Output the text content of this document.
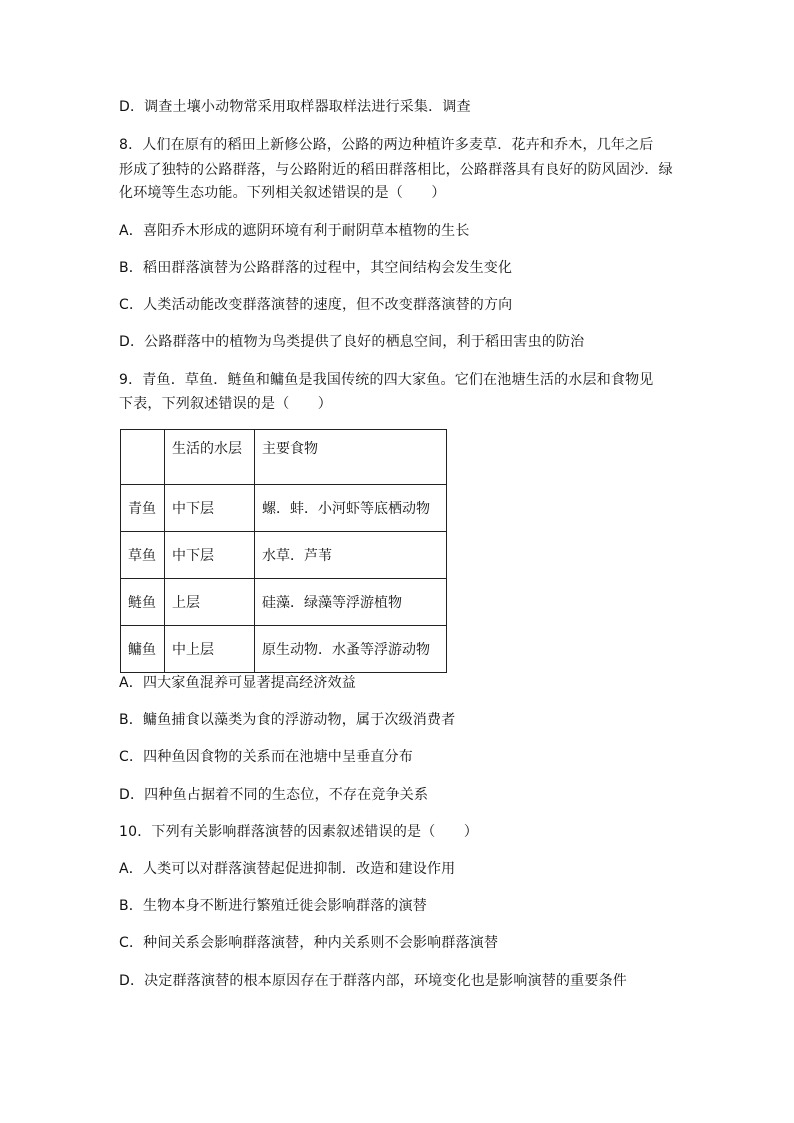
D．调查土壤小动物常采用取样器取样法进行采集．调查
8．人们在原有的稻田上新修公路，公路的两边种植许多麦草．花卉和乔木，几年之后
形成了独特的公路群落，与公路附近的稻田群落相比，公路群落具有良好的防风固沙．绿
化环境等生态功能。下列相关叙述错误的是（　　）
A．喜阳乔木形成的遮阴环境有利于耐阴草本植物的生长
B．稻田群落演替为公路群落的过程中，其空间结构会发生变化
C．人类活动能改变群落演替的速度，但不改变群落演替的方向
D．公路群落中的植物为鸟类提供了良好的栖息空间，利于稻田害虫的防治
9．青鱼．草鱼．鲢鱼和鳙鱼是我国传统的四大家鱼。它们在池塘生活的水层和食物见
下表，下列叙述错误的是（　　）
	生活的水层	主要食物
青鱼	中下层	螺．蚌．小河虾等底栖动物
草鱼	中下层	水草．芦苇
鲢鱼	上层	硅藻．绿藻等浮游植物
鳙鱼	中上层	原生动物．水蚤等浮游动物
A．四大家鱼混养可显著提高经济效益
B．鳙鱼捕食以藻类为食的浮游动物，属于次级消费者
C．四种鱼因食物的关系而在池塘中呈垂直分布
D．四种鱼占据着不同的生态位，不存在竞争关系
10．下列有关影响群落演替的因素叙述错误的是（　　）
A．人类可以对群落演替起促进抑制．改造和建设作用
B．生物本身不断进行繁殖迁徙会影响群落的演替
C．种间关系会影响群落演替，种内关系则不会影响群落演替
D．决定群落演替的根本原因存在于群落内部，环境变化也是影响演替的重要条件
